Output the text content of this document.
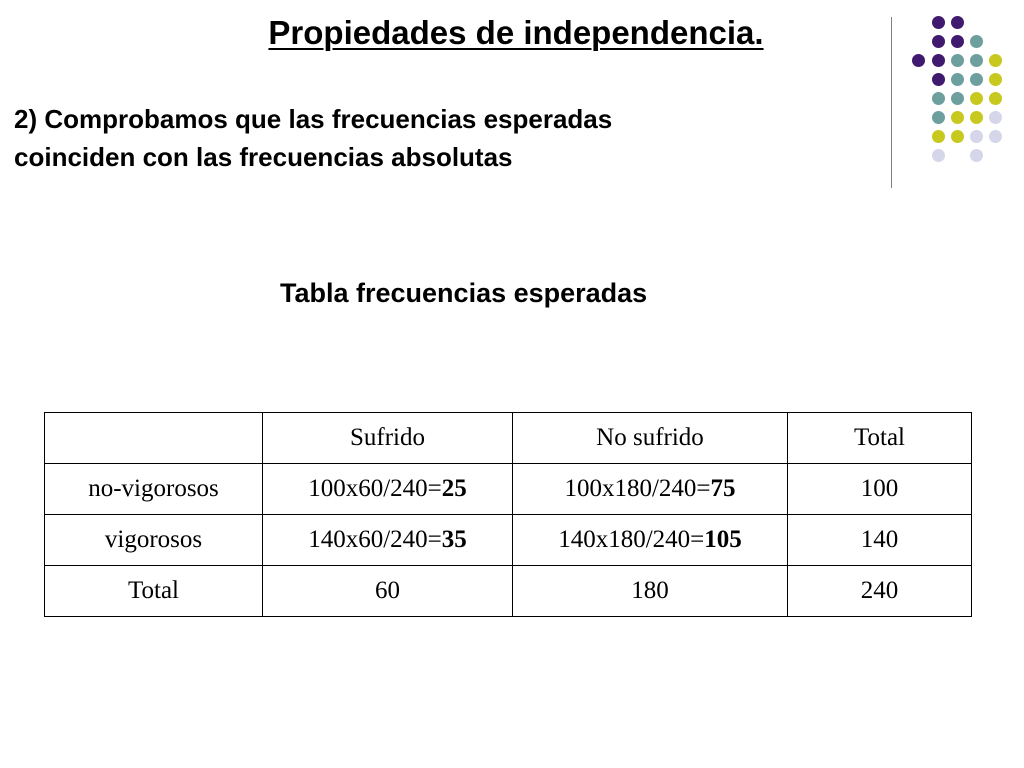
Propiedades de independencia.
2) Comprobamos que las frecuencias esperadas
coinciden con las frecuencias absolutas
Tabla frecuencias esperadas
	Sufrido	No sufrido	Total
no-vigorosos	100x60/240=25	100x180/240=75	100
vigorosos	140x60/240=35	140x180/240=105	140
Total	60	180	240
